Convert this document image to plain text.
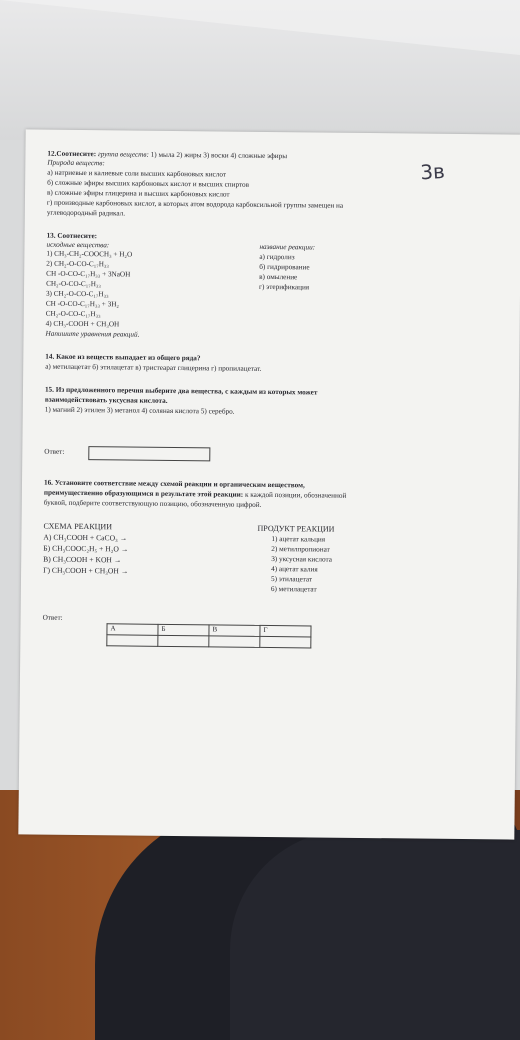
12.Соотнесите: группа веществ: 1) мыла 2) жиры 3) воски 4) сложные эфиры
Природа веществ:
а) натриевые и калиевые соли высших карбоновых кислот
б) сложные эфиры высших карбоновых кислот и высших спиртов
в) сложные эфиры глицерина и высших карбоновых кислот
г) производные карбоновых кислот, в которых атом водорода карбоксильной группы замещен на
углеводородный радикал.
3в
13. Соотнесите:
исходные вещества:
1) CH₃-CH₂-COOCH₃ + H₂O
2) CH₂-O-CO-C₁₇H₃₃
CH -O-CO-C₁₇H₃₃ + 3NaOH
CH₂-O-CO-C₁₇H₃₃
3) CH₂-O-CO-C₁₇H₃₃
CH -O-CO-C₁₇H₃₃ + 3H₂
CH₂-O-CO-C₁₇H₃₃
4) CH₃-COOH + CH₃OH
Напишите уравнения реакций.
название реакции:
а) гидролиз
б) гидрирование
в) омыление
г) этерификация
14. Какое из веществ выпадает из общего ряда?
а) метилацетат б) этилацетат в) тристеарат глицерина г) пропилацетат.
15. Из предложенного перечня выберите два вещества, с каждым из которых может
взаимодействовать уксусная кислота.
1) магний 2) этилен 3) метанол 4) соляная кислота 5) серебро.
Ответ:
16. Установите соответствие между схемой реакции и органическим веществом,
преимущественно образующимся в результате этой реакции: к каждой позиции, обозначенной
буквой, подберите соответствующую позицию, обозначенную цифрой.
СХЕМА РЕАКЦИИ
А) CH₃COOH + CaCO₃ →
Б) CH₃COOC₂H₅ + H₂O →
В) CH₃COOH + KOH →
Г) CH₃COOH + CH₃OH →
ПРОДУКТ РЕАКЦИИ
1) ацетат кальция
2) метилпропионат
3) уксусная кислота
4) ацетат калия
5) этилацетат
6) метилацетат
Ответ:
А	Б	В	Г
